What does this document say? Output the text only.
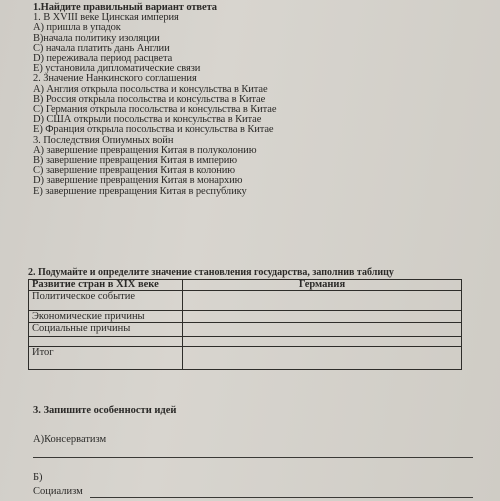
1.Найдите правильный вариант ответа
1. В XVIII веке Цинская империя
А) пришла в упадок
В)начала политику изоляции
С) начала платить дань Англии
D) переживала период расцвета
Е) установила дипломатические связи
2. Значение Нанкинского соглашения
А) Англия открыла посольства и консульства в Китае
В) Россия открыла посольства и консульства в Китае
С) Германия открыла посольства и консульства в Китае
D) США открыли посольства и консульства в Китае
Е) Франция открыла посольства и консульства в Китае
3. Последствия Опиумных войн
А) завершение превращения Китая в полуколонию
В) завершение превращения Китая в империю
С) завершение превращения Китая в колонию
D) завершение превращения Китая в монархию
Е) завершение превращения Китая в республику
2. Подумайте и определите значение становления государства, заполнив таблицу
Развитие стран в XIX веке	Германия
Политическое событие	
Экономические причины	
Социальные причины	

Итог	
3. Запишите особенности идей
А)Консерватизм
Б)
Социализм
